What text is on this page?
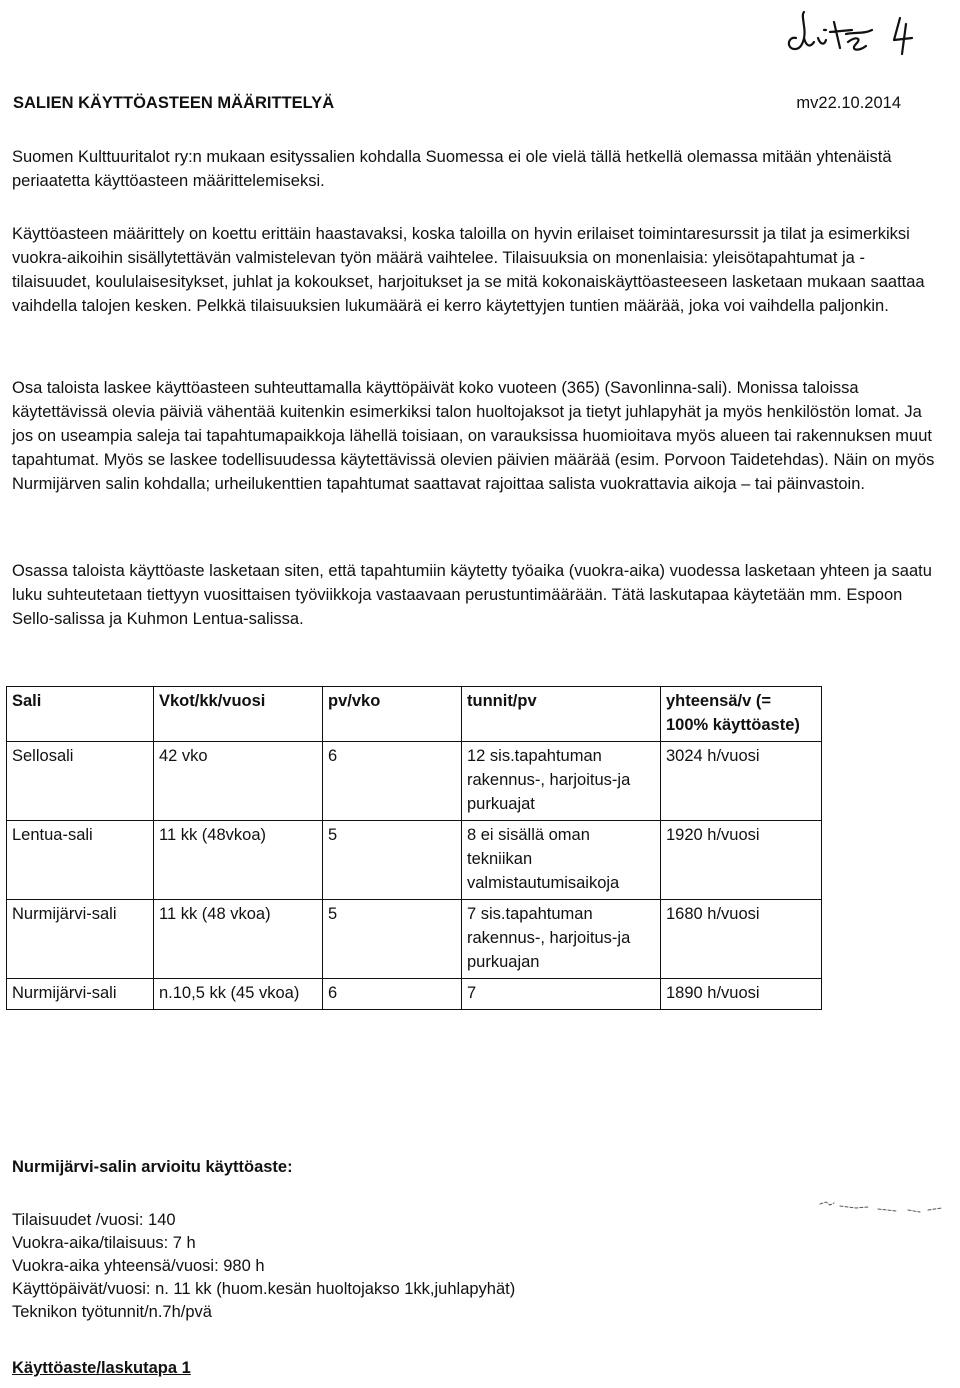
SALIEN KÄYTTÖASTEEN MÄÄRITTELYÄ	mv22.10.2014

Suomen Kulttuuritalot ry:n mukaan esityssalien kohdalla Suomessa ei ole vielä tällä hetkellä olemassa mitään yhtenäistä periaatetta käyttöasteen määrittelemiseksi.

Käyttöasteen määrittely on koettu erittäin haastavaksi, koska taloilla on hyvin erilaiset toimintaresurssit ja tilat ja esimerkiksi vuokra-aikoihin sisällytettävän valmistelevan työn määrä vaihtelee. Tilaisuuksia on monenlaisia: yleisötapahtumat ja -tilaisuudet, koululaisesitykset, juhlat ja kokoukset, harjoitukset ja se mitä kokonaiskäyttöasteeseen lasketaan mukaan saattaa vaihdella talojen kesken. Pelkkä tilaisuuksien lukumäärä ei kerro käytettyjen tuntien määrää, joka voi vaihdella paljonkin.

Osa taloista laskee käyttöasteen suhteuttamalla käyttöpäivät koko vuoteen (365) (Savonlinna-sali). Monissa taloissa käytettävissä olevia päiviä vähentää kuitenkin esimerkiksi talon huoltojaksot ja tietyt juhlapyhät ja myös henkilöstön lomat. Ja jos on useampia saleja tai tapahtumapaikkoja lähellä toisiaan, on varauksissa huomioitava myös alueen tai rakennuksen muut tapahtumat. Myös se laskee todellisuudessa käytettävissä olevien päivien määrää (esim. Porvoon Taidetehdas). Näin on myös Nurmijärven salin kohdalla; urheilukenttien tapahtumat saattavat rajoittaa salista vuokrattavia aikoja – tai päinvastoin.

Osassa taloista käyttöaste lasketaan siten, että tapahtumiin käytetty työaika (vuokra-aika) vuodessa lasketaan yhteen ja saatu luku suhteutetaan tiettyyn vuosittaisen työviikkoja vastaavaan perustuntimäärään. Tätä laskutapaa käytetään mm. Espoon Sello-salissa ja Kuhmon Lentua-salissa.

Sali	Vkot/kk/vuosi	pv/vko	tunnit/pv	yhteensä/v (= 100% käyttöaste)
Sellosali	42 vko	6	12 sis.tapahtuman rakennus-, harjoitus-ja purkuajat	3024 h/vuosi
Lentua-sali	11 kk (48vkoa)	5	8 ei sisällä oman tekniikan valmistautumisaikoja	1920 h/vuosi
Nurmijärvi-sali	11 kk (48 vkoa)	5	7 sis.tapahtuman rakennus-, harjoitus-ja purkuajan	1680 h/vuosi
Nurmijärvi-sali	n.10,5 kk (45 vkoa)	6	7	1890 h/vuosi
Nurmijärvi-salin arvioitu käyttöaste:
Tilaisuudet /vuosi: 140
Vuokra-aika/tilaisuus: 7 h
Vuokra-aika yhteensä/vuosi: 980 h
Käyttöpäivät/vuosi: n. 11 kk (huom.kesän huoltojakso 1kk,juhlapyhät)
Teknikon työtunnit/n.7h/pvä
Käyttöaste/laskutapa 1
